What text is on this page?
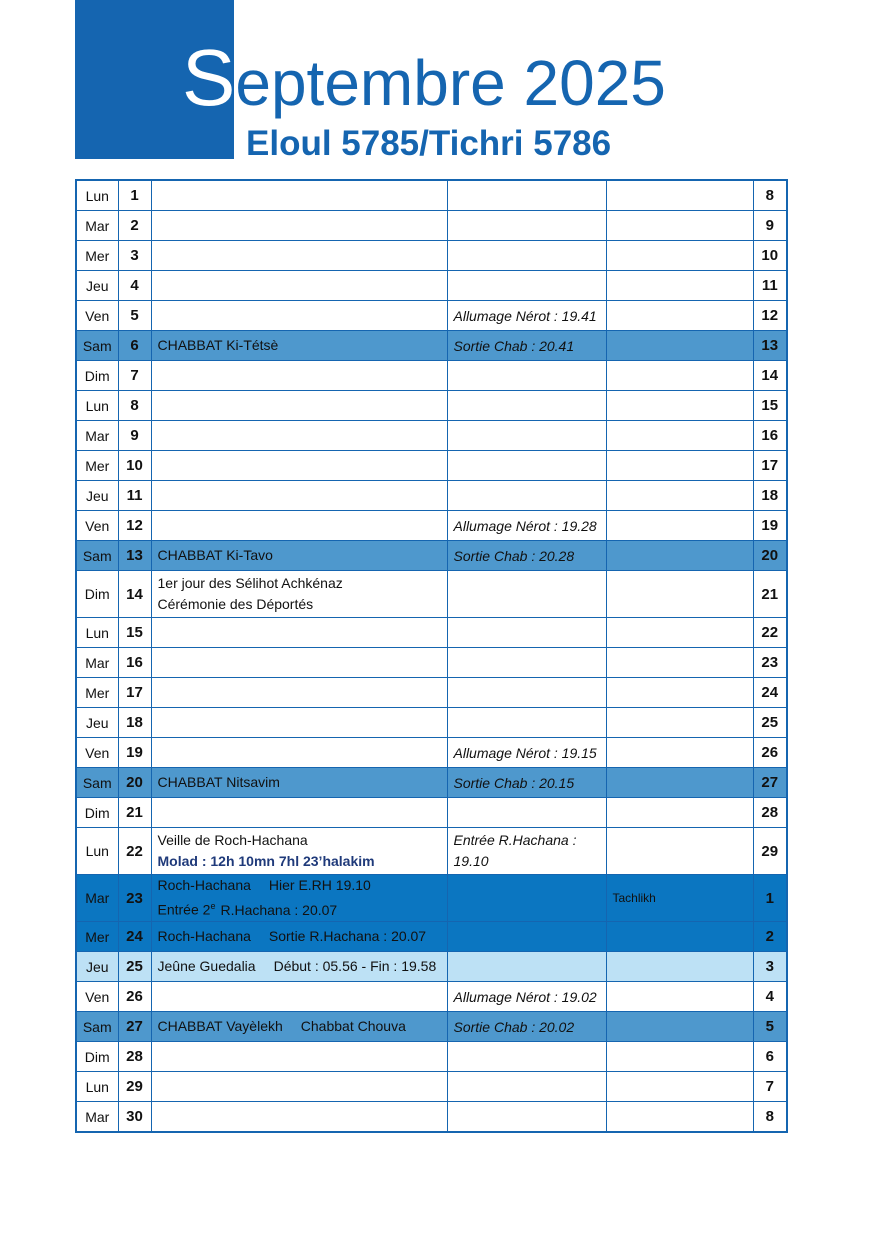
Septembre 2025
Eloul 5785/Tichri 5786
Lun	1				8
Mar	2				9
Mer	3				10
Jeu	4				11
Ven	5		Allumage Nérot : 19.41		12
Sam	6	CHABBAT Ki-Tétsè	Sortie Chab : 20.41		13
Dim	7				14
Lun	8				15
Mar	9				16
Mer	10				17
Jeu	11				18
Ven	12		Allumage Nérot : 19.28		19
Sam	13	CHABBAT Ki-Tavo	Sortie Chab : 20.28		20
Dim	14	1er jour des Sélihot Achkénaz
Cérémonie des Déportés			21
Lun	15				22
Mar	16				23
Mer	17				24
Jeu	18				25
Ven	19		Allumage Nérot : 19.15		26
Sam	20	CHABBAT Nitsavim	Sortie Chab : 20.15		27
Dim	21				28
Lun	22	Veille de Roch-Hachana
Molad : 12h 10mn 7hl 23’halakim	Entrée R.Hachana :
19.10		29
Mar	23	Roch-Hachana Hier E.RH 19.10
Entrée 2e R.Hachana : 20.07		Tachlikh	1
Mer	24	Roch-Hachana Sortie R.Hachana : 20.07			2
Jeu	25	Jeûne Guedalia Début : 05.56 - Fin : 19.58			3
Ven	26		Allumage Nérot : 19.02		4
Sam	27	CHABBAT Vayèlekh Chabbat Chouva	Sortie Chab : 20.02		5
Dim	28				6
Lun	29				7
Mar	30				8
